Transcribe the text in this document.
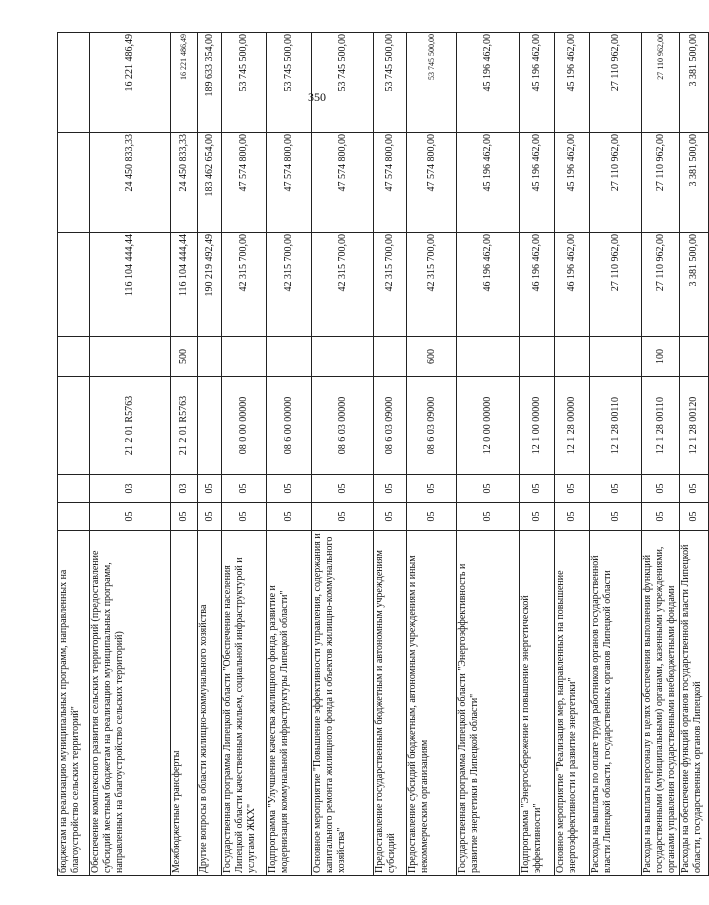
350
бюджетам на реализацию муниципальных программ, направленных на благоустройство сельских территорий"							
Обеспечение комплексного развития сельских территорий (предоставление субсидий местным бюджетам на реализацию муниципальных программ, направленных на благоустройство сельских территорий)	05	03	21 2 01 R5763		116 104 444,44	24 450 833,33	16 221 486,49
Межбюджетные трансферты	05	03	21 2 01 R5763	500	116 104 444,44	24 450 833,33	16 221 486,49
Другие вопросы в области жилищно-коммунального хозяйства	05	05			190 219 492,49	183 462 654,00	189 633 354,00
Государственная программа Липецкой области "Обеспечение населения Липецкой области качественным жильем, социальной инфраструктурой и услугами ЖКХ"	05	05	08 0 00 00000		42 315 700,00	47 574 800,00	53 745 500,00
Подпрограмма "Улучшение качества жилищного фонда, развитие и модернизация коммунальной инфраструктуры Липецкой области"	05	05	08 6 00 00000		42 315 700,00	47 574 800,00	53 745 500,00
Основное мероприятие "Повышение эффективности управления, содержания и капитального ремонта жилищного фонда и объектов жилищно-коммунального хозяйства"	05	05	08 6 03 00000		42 315 700,00	47 574 800,00	53 745 500,00
Предоставление государственным бюджетным и автономным учреждениям субсидий	05	05	08 6 03 09000		42 315 700,00	47 574 800,00	53 745 500,00
Предоставление субсидий бюджетным, автономным учреждениям и иным некоммерческим организациям	05	05	08 6 03 09000	600	42 315 700,00	47 574 800,00	53 745 500,00
Государственная программа Липецкой области "Энергоэффективность и развитие энергетики в Липецкой области"	05	05	12 0 00 00000		46 196 462,00	45 196 462,00	45 196 462,00
Подпрограмма "Энергосбережение и повышение энергетической эффективности"	05	05	12 1 00 00000		46 196 462,00	45 196 462,00	45 196 462,00
Основное мероприятие "Реализация мер, направленных на повышение энергоэффективности и развитие энергетики"	05	05	12 1 28 00000		46 196 462,00	45 196 462,00	45 196 462,00
Расходы на выплаты по оплате труда работников органов государственной власти Липецкой области, государственных органов Липецкой области	05	05	12 1 28 00110		27 110 962,00	27 110 962,00	27 110 962,00
Расходы на выплаты персоналу в целях обеспечения выполнения функций государственными (муниципальными) органами, казенными учреждениями, органами управления государственными внебюджетными фондами	05	05	12 1 28 00110	100	27 110 962,00	27 110 962,00	27 110 962,00
Расходы на обеспечение функций органов государственной власти Липецкой области, государственных органов Липецкой	05	05	12 1 28 00120		3 381 500,00	3 381 500,00	3 381 500,00
